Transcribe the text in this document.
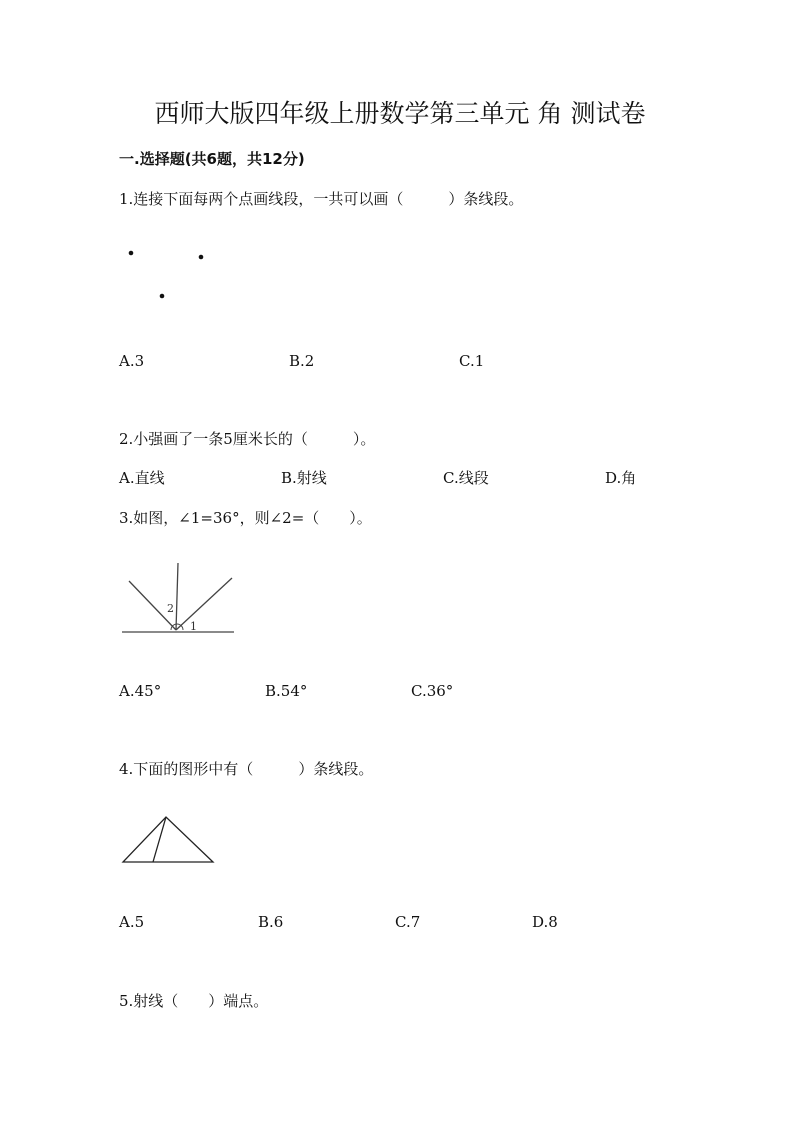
西师大版四年级上册数学第三单元 角 测试卷
一.选择题(共6题，共12分)
1.连接下面每两个点画线段，一共可以画（　　　）条线段。
A.3	B.2	C.1
2.小强画了一条5厘米长的（　　　）。
A.直线	B.射线	C.线段	D.角
3.如图，∠1=36°，则∠2=（　　）。
2
1
A.45°	B.54°	C.36°
4.下面的图形中有（　　　）条线段。
A.5	B.6	C.7	D.8
5.射线（　　）端点。
